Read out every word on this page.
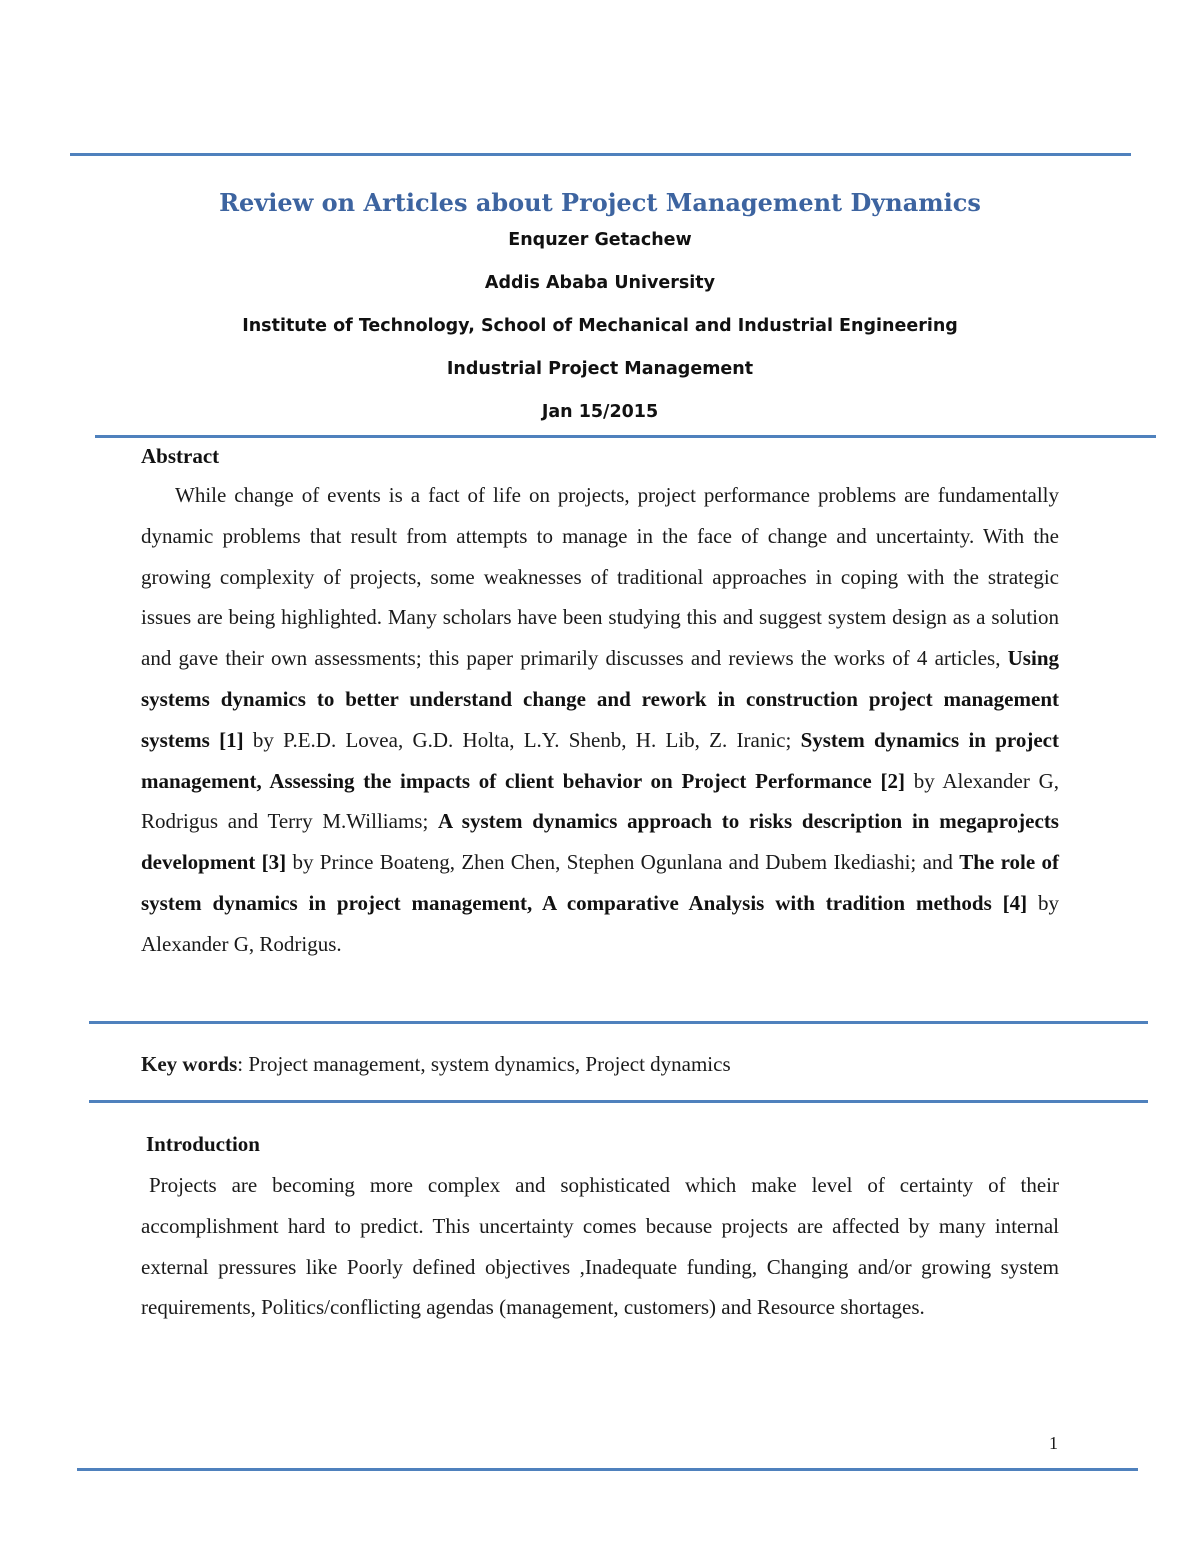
Review on Articles about Project Management Dynamics
Enquzer Getachew
Addis Ababa University
Institute of Technology, School of Mechanical and Industrial Engineering
Industrial Project Management
Jan 15/2015
Abstract
While change of events is a fact of life on projects, project performance problems are fundamentally dynamic problems that result from attempts to manage in the face of change and uncertainty. With the growing complexity of projects, some weaknesses of traditional approaches in coping with the strategic issues are being highlighted. Many scholars have been studying this and suggest system design as a solution and gave their own assessments; this paper primarily discusses and reviews the works of 4 articles, Using systems dynamics to better understand change and rework in construction project management systems [1] by P.E.D. Lovea, G.D. Holta, L.Y. Shenb, H. Lib, Z. Iranic; System dynamics in project management, Assessing the impacts of client behavior on Project Performance [2] by Alexander G, Rodrigus and Terry M.Williams; A system dynamics approach to risks description in megaprojects development [3] by Prince Boateng, Zhen Chen, Stephen Ogunlana and Dubem Ikediashi; and The role of system dynamics in project management, A comparative Analysis with tradition methods [4] by Alexander G, Rodrigus.
Key words: Project management, system dynamics, Project dynamics
Introduction
Projects are becoming more complex and sophisticated which make level of certainty of their accomplishment hard to predict. This uncertainty comes because projects are affected by many internal external pressures like Poorly defined objectives ,Inadequate funding, Changing and/or growing system requirements, Politics/conflicting agendas (management, customers) and Resource shortages.
1
